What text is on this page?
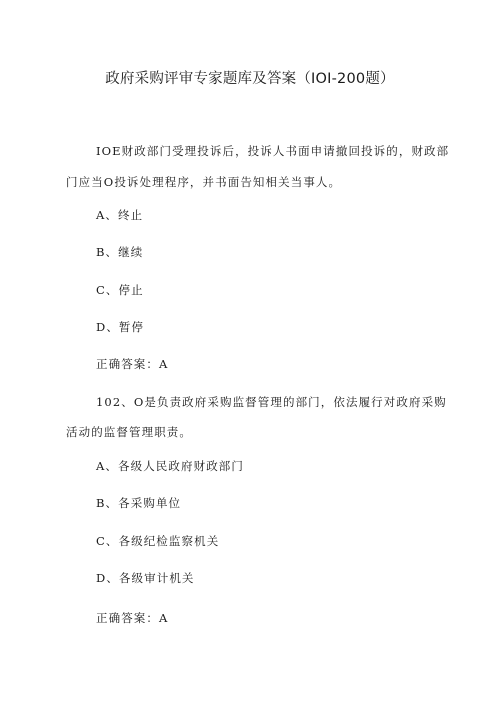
政府采购评审专家题库及答案（IOI-200题）
IOE财政部门受理投诉后，投诉人书面申请撤回投诉的，财政部
门应当O投诉处理程序，并书面告知相关当事人。
A、终止
B、继续
C、停止
D、暂停
正确答案：A
102、O是负责政府采购监督管理的部门，依法履行对政府采购
活动的监督管理职责。
A、各级人民政府财政部门
B、各采购单位
C、各级纪检监察机关
D、各级审计机关
正确答案：A
